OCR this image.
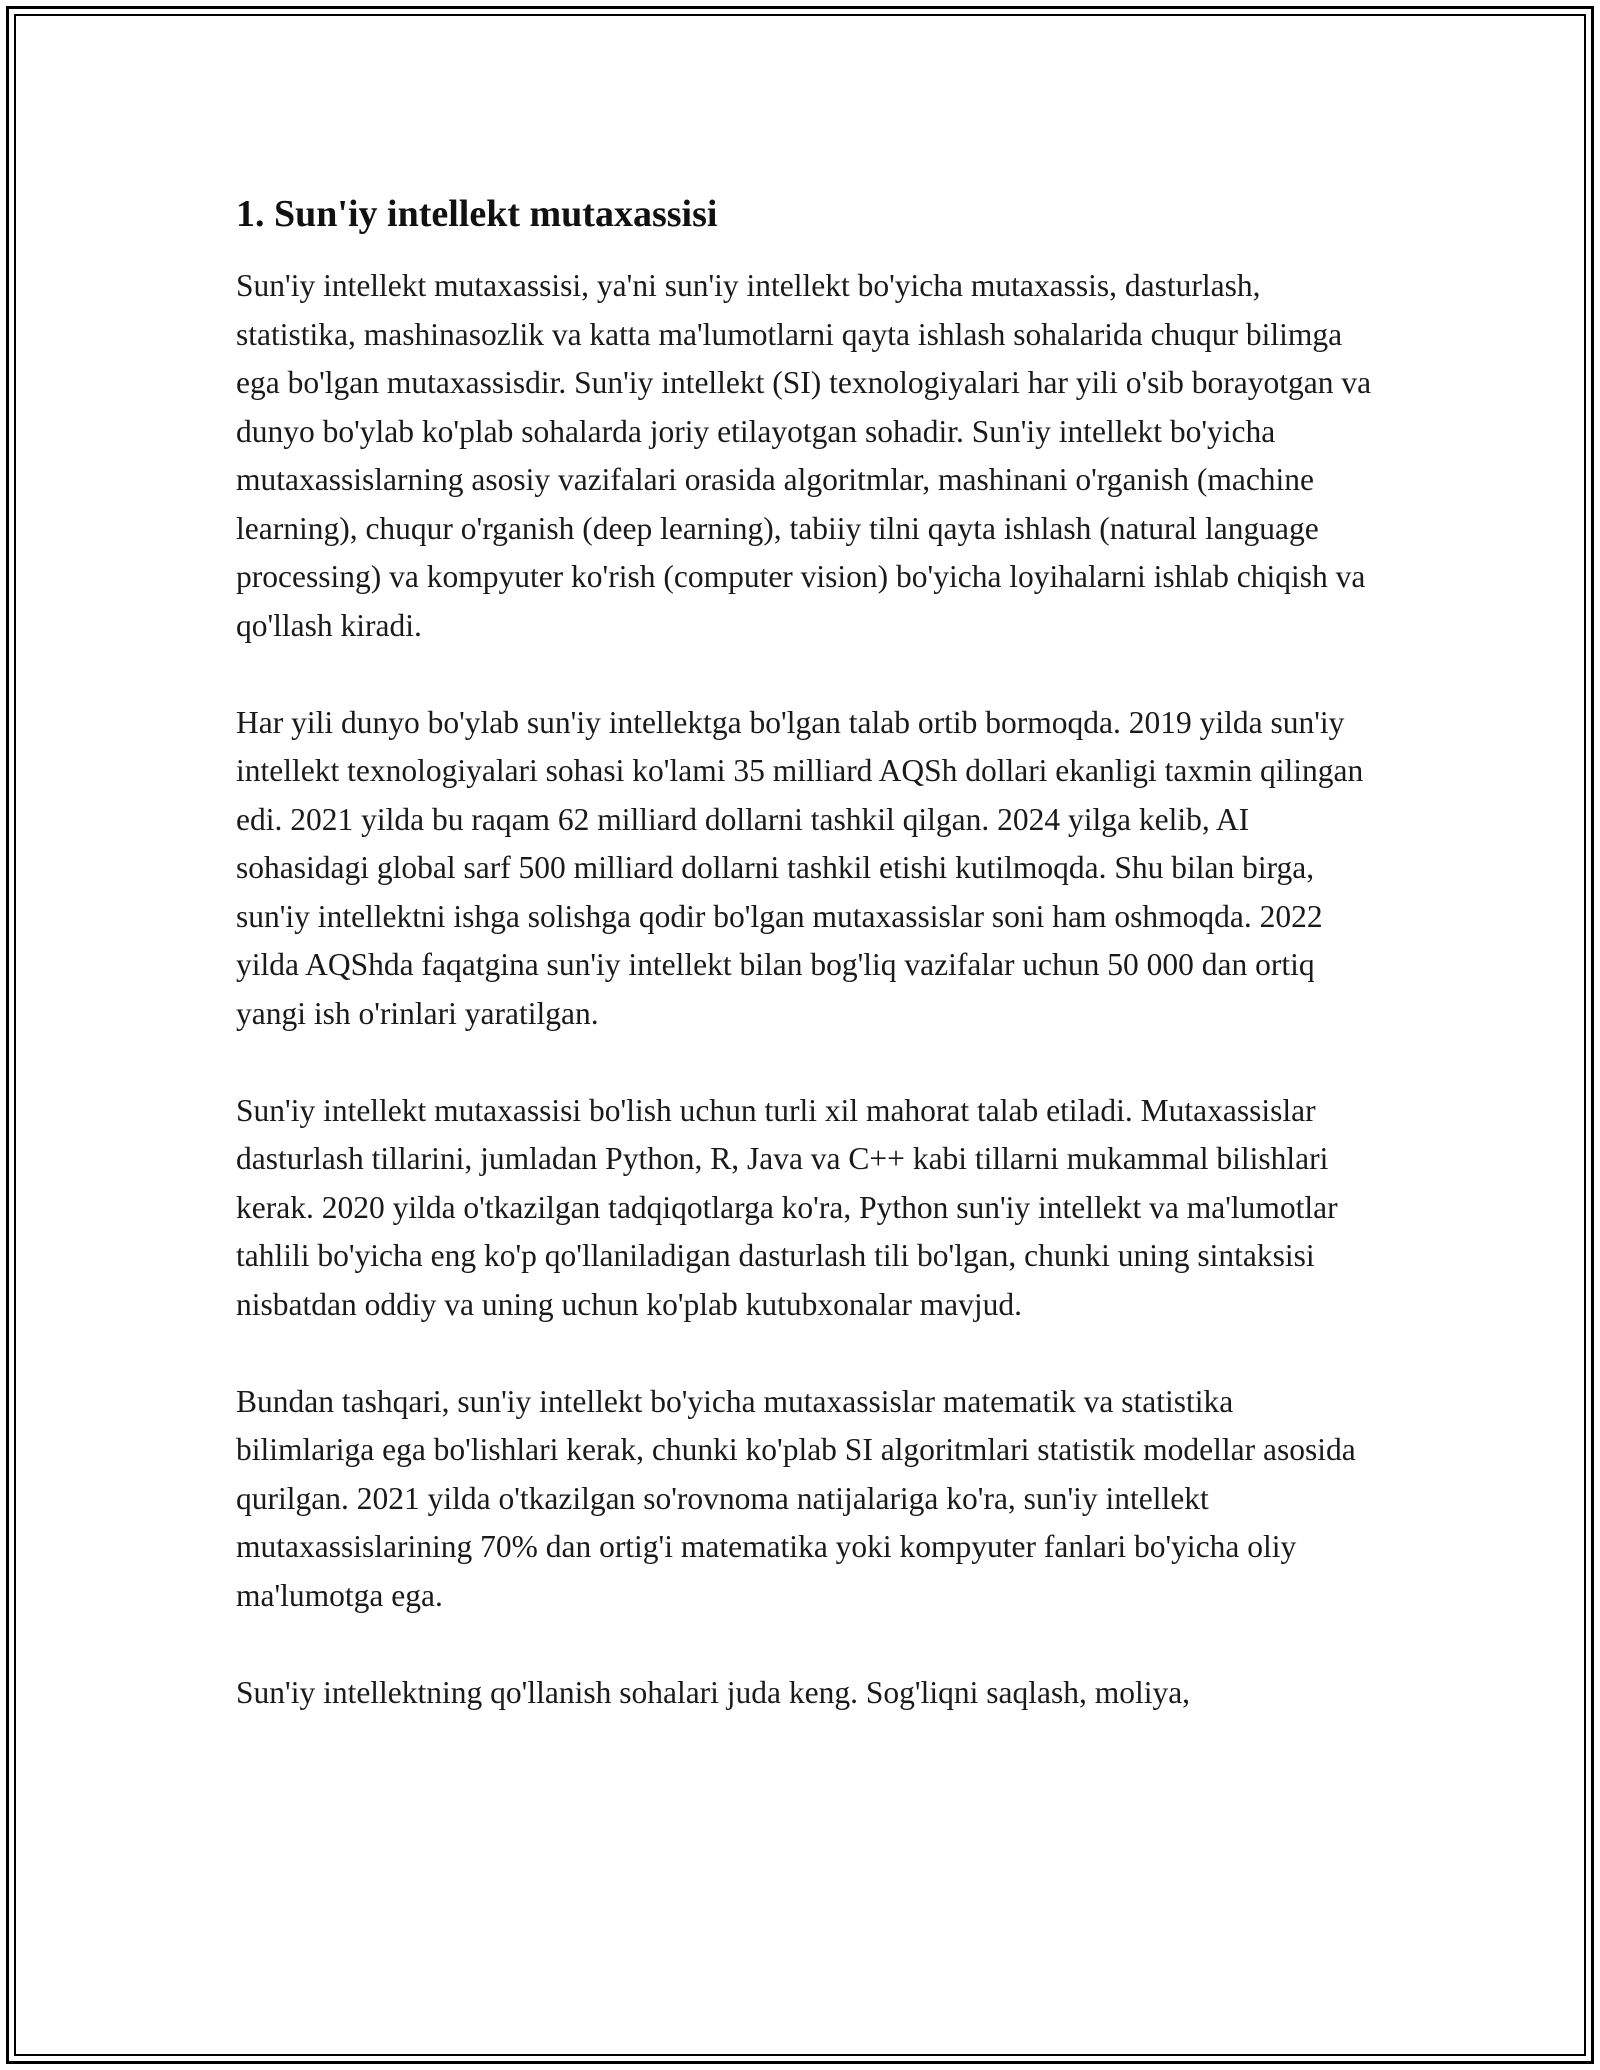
1. Sun'iy intellekt mutaxassisi

Sun'iy intellekt mutaxassisi, ya'ni sun'iy intellekt bo'yicha mutaxassis, dasturlash, statistika, mashinasozlik va katta ma'lumotlarni qayta ishlash sohalarida chuqur bilimga ega bo'lgan mutaxassisdir. Sun'iy intellekt (SI) texnologiyalari har yili o'sib borayotgan va dunyo bo'ylab ko'plab sohalarda joriy etilayotgan sohadir. Sun'iy intellekt bo'yicha mutaxassislarning asosiy vazifalari orasida algoritmlar, mashinani o'rganish (machine learning), chuqur o'rganish (deep learning), tabiiy tilni qayta ishlash (natural language processing) va kompyuter ko'rish (computer vision) bo'yicha loyihalarni ishlab chiqish va qo'llash kiradi.

Har yili dunyo bo'ylab sun'iy intellektga bo'lgan talab ortib bormoqda. 2019 yilda sun'iy intellekt texnologiyalari sohasi ko'lami 35 milliard AQSh dollari ekanligi taxmin qilingan edi. 2021 yilda bu raqam 62 milliard dollarni tashkil qilgan. 2024 yilga kelib, AI sohasidagi global sarf 500 milliard dollarni tashkil etishi kutilmoqda. Shu bilan birga, sun'iy intellektni ishga solishga qodir bo'lgan mutaxassislar soni ham oshmoqda. 2022 yilda AQShda faqatgina sun'iy intellekt bilan bog'liq vazifalar uchun 50 000 dan ortiq yangi ish o'rinlari yaratilgan.

Sun'iy intellekt mutaxassisi bo'lish uchun turli xil mahorat talab etiladi. Mutaxassislar dasturlash tillarini, jumladan Python, R, Java va C++ kabi tillarni mukammal bilishlari kerak. 2020 yilda o'tkazilgan tadqiqotlarga ko'ra, Python sun'iy intellekt va ma'lumotlar tahlili bo'yicha eng ko'p qo'llaniladigan dasturlash tili bo'lgan, chunki uning sintaksisi nisbatdan oddiy va uning uchun ko'plab kutubxonalar mavjud.

Bundan tashqari, sun'iy intellekt bo'yicha mutaxassislar matematik va statistika bilimlariga ega bo'lishlari kerak, chunki ko'plab SI algoritmlari statistik modellar asosida qurilgan. 2021 yilda o'tkazilgan so'rovnoma natijalariga ko'ra, sun'iy intellekt mutaxassislarining 70% dan ortig'i matematika yoki kompyuter fanlari bo'yicha oliy ma'lumotga ega.

Sun'iy intellektning qo'llanish sohalari juda keng. Sog'liqni saqlash, moliya,
